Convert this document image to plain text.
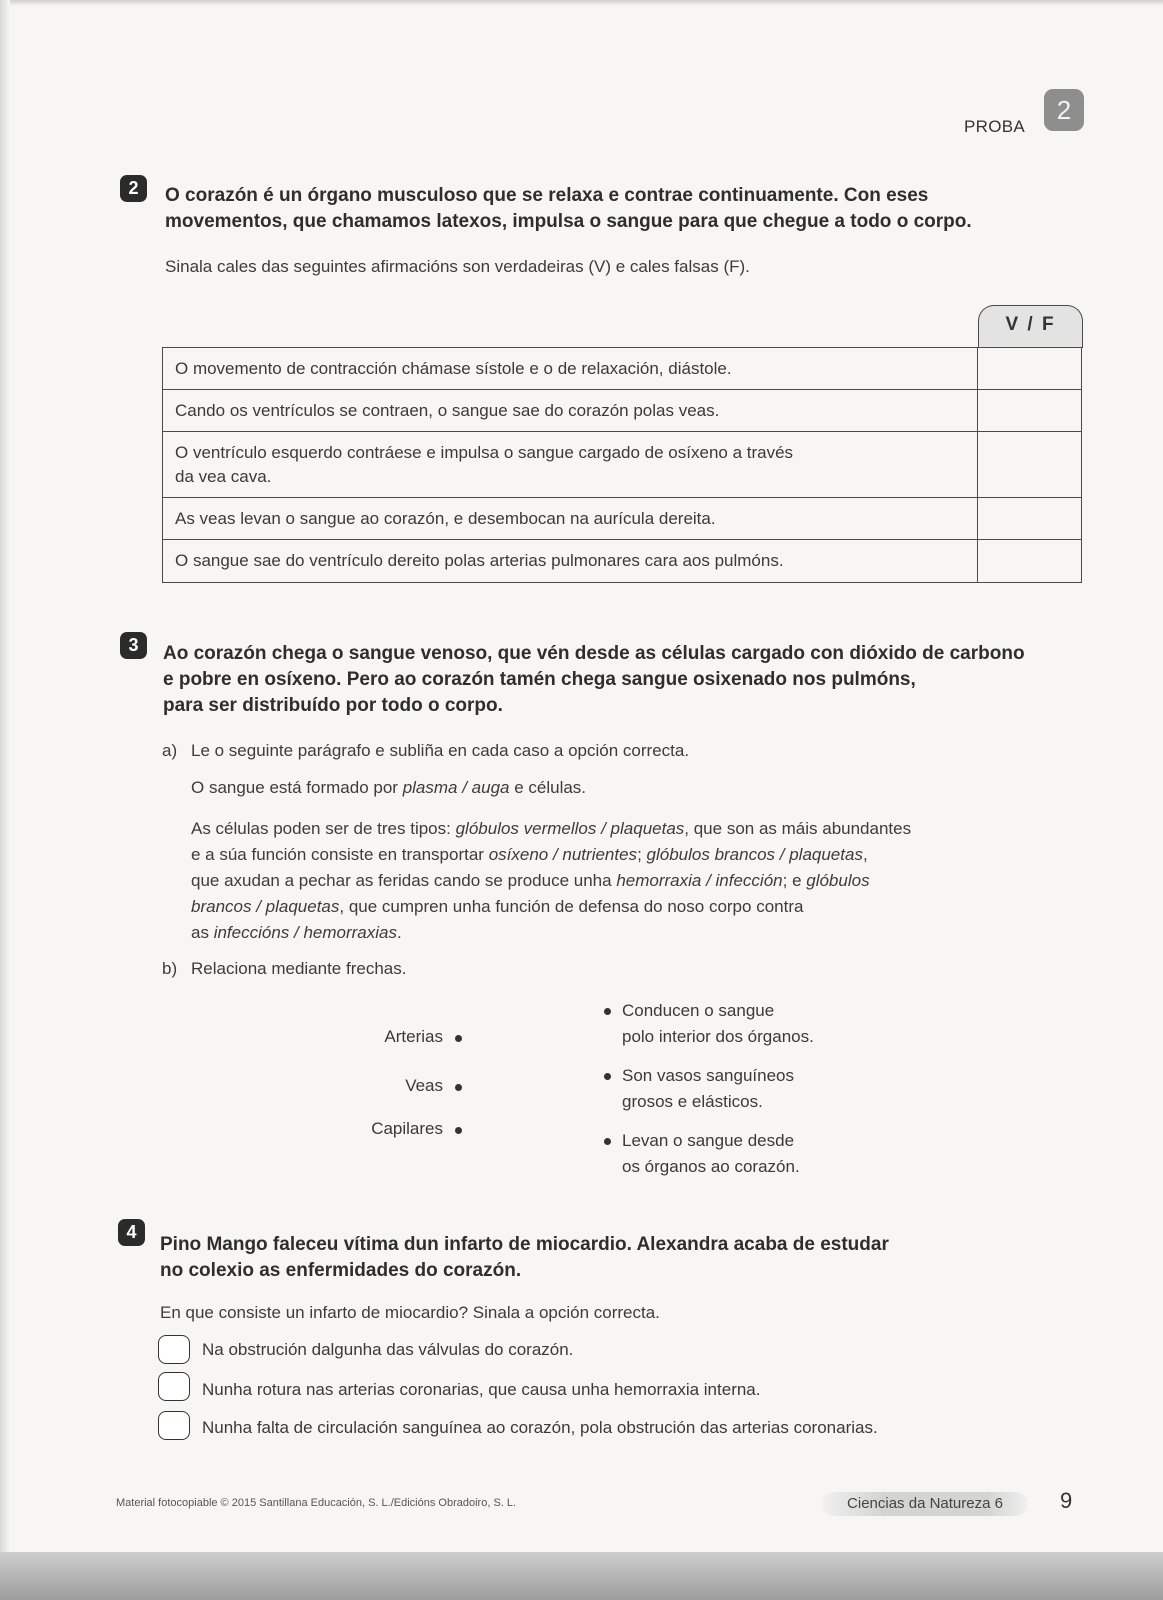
PROBA
2
2	O corazón é un órgano musculoso que se relaxa e contrae continuamente. Con eses
movementos, que chamamos latexos, impulsa o sangue para que chegue a todo o corpo.
Sinala cales das seguintes afirmacións son verdadeiras (V) e cales falsas (F).
V / F
O movemento de contracción chámase sístole e o de relaxación, diástole.	
Cando os ventrículos se contraen, o sangue sae do corazón polas veas.	

O ventrículo esquerdo contráese e impulsa o sangue cargado de osíxeno a través
da vea cava.	

As veas levan o sangue ao corazón, e desembocan na aurícula dereita.	
O sangue sae do ventrículo dereito polas arterias pulmonares cara aos pulmóns.	
3	Ao corazón chega o sangue venoso, que vén desde as células cargado con dióxido de carbono
e pobre en osíxeno. Pero ao corazón tamén chega sangue osixenado nos pulmóns,
para ser distribuído por todo o corpo.
a) Le o seguinte parágrafo e subliña en cada caso a opción correcta.
O sangue está formado por plasma / auga e células.
As células poden ser de tres tipos: glóbulos vermellos / plaquetas, que son as máis abundantes
e a súa función consiste en transportar osíxeno / nutrientes; glóbulos brancos / plaquetas,
que axudan a pechar as feridas cando se produce unha hemorraxia / infección; e glóbulos
brancos / plaquetas, que cumpren unha función de defensa do noso corpo contra
as infeccións / hemorraxias.
b) Relaciona mediante frechas.
Arterias
Veas
Capilares
Conducen o sangue
polo interior dos órganos.
Son vasos sanguíneos
grosos e elásticos.
Levan o sangue desde
os órganos ao corazón.
4
Pino Mango faleceu vítima dun infarto de miocardio. Alexandra acaba de estudar
no colexio as enfermidades do corazón.
En que consiste un infarto de miocardio? Sinala a opción correcta.
Na obstrución dalgunha das válvulas do corazón.
Nunha rotura nas arterias coronarias, que causa unha hemorraxia interna.
Nunha falta de circulación sanguínea ao corazón, pola obstrución das arterias coronarias.
Material fotocopiable © 2015 Santillana Educación, S. L./Edicións Obradoiro, S. L.	Ciencias da Natureza 6	9
